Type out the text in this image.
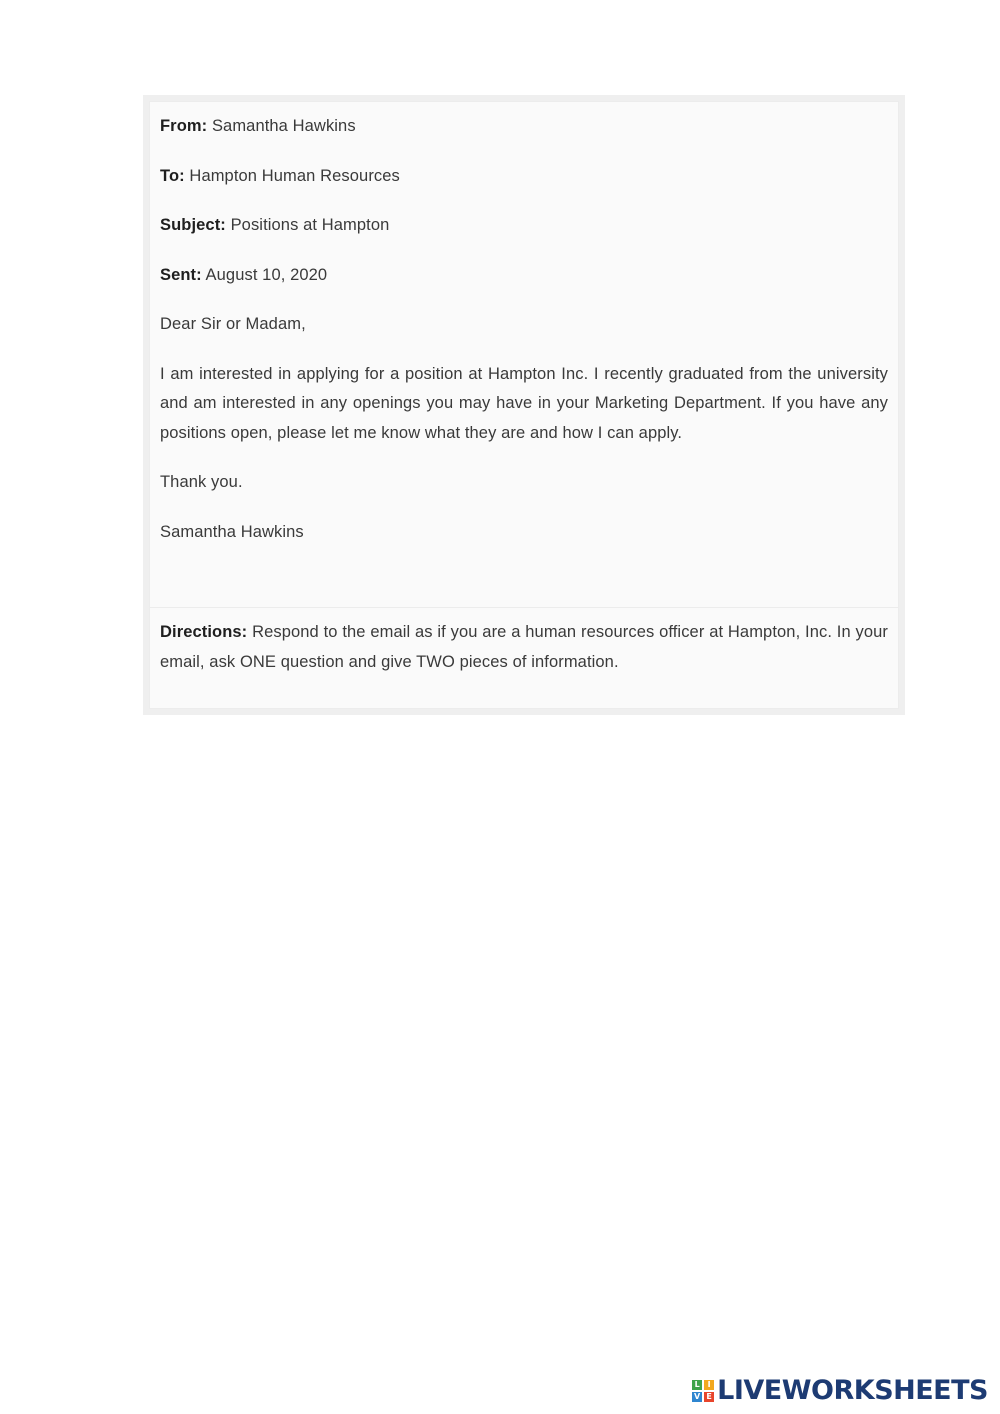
From: Samantha Hawkins

To: Hampton Human Resources

Subject: Positions at Hampton

Sent: August 10, 2020

Dear Sir or Madam,

I am interested in applying for a position at Hampton Inc. I recently graduated from the university and am interested in any openings you may have in your Marketing Department. If you have any positions open, please let me know what they are and how I can apply.

Thank you.

Samantha Hawkins

Directions: Respond to the email as if you are a human resources officer at Hampton, Inc. In your email, ask ONE question and give TWO pieces of information.
L I
V E LIVEWORKSHEETS
